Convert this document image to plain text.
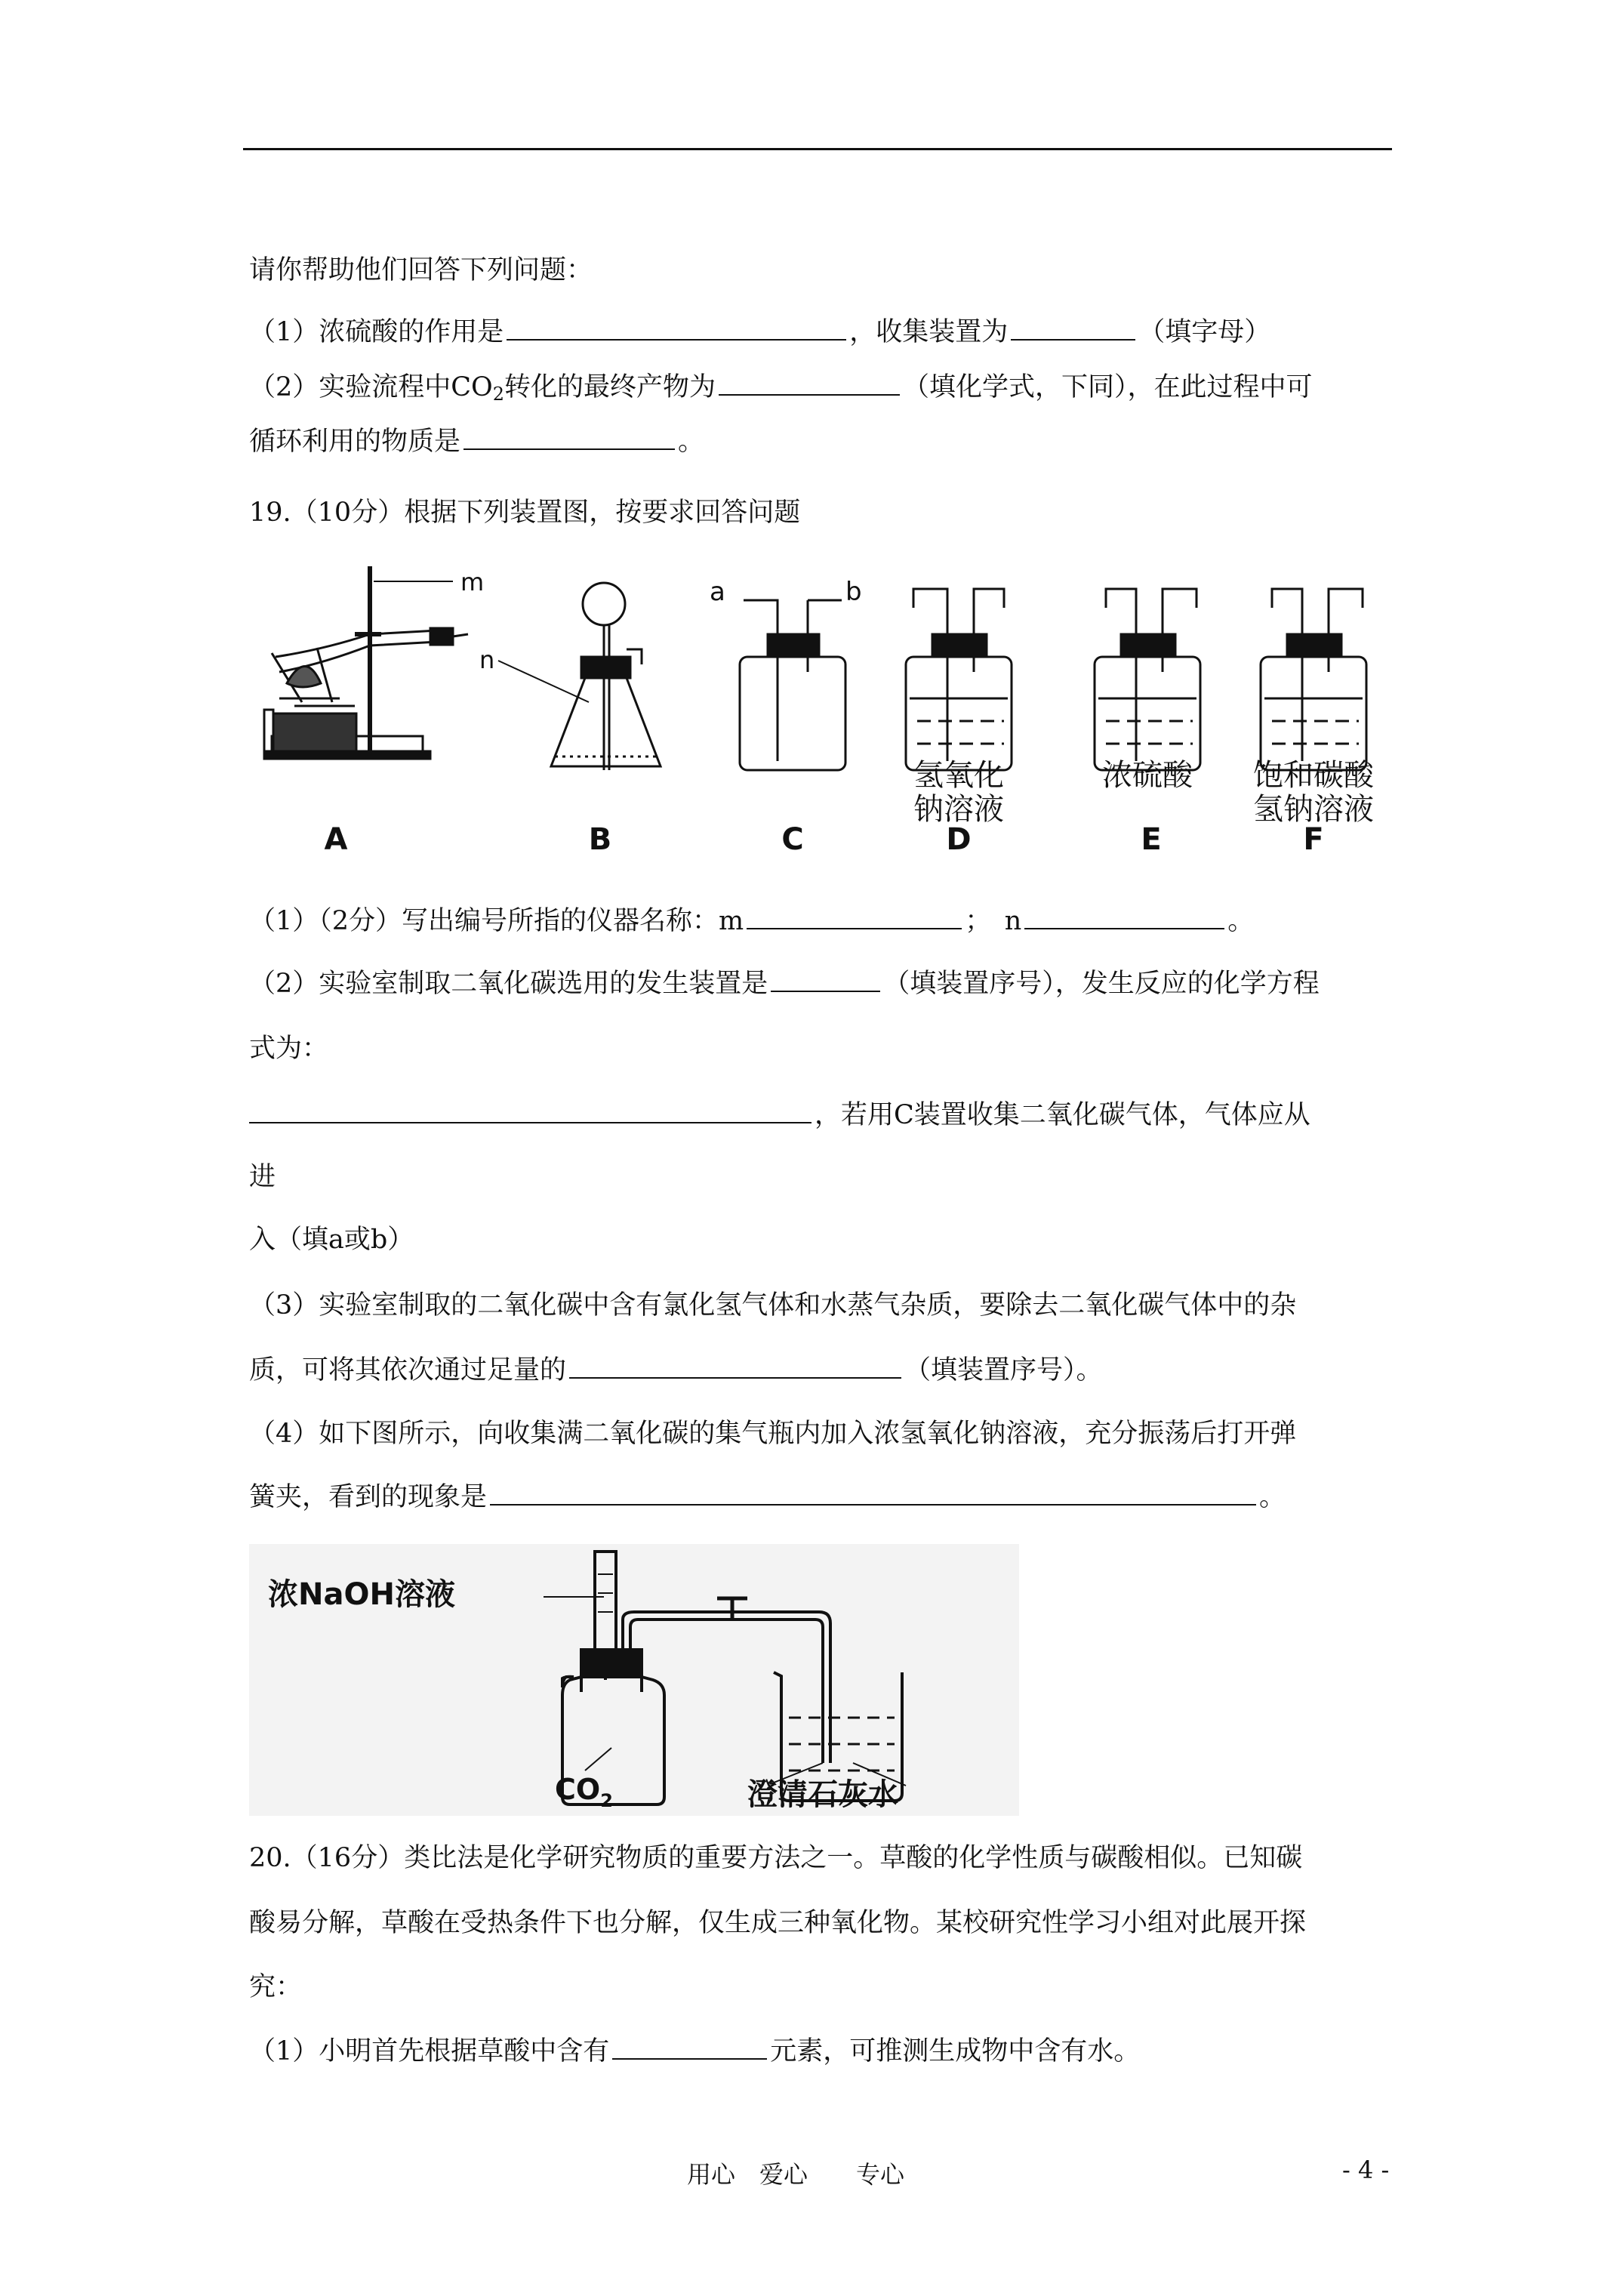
请你帮助他们回答下列问题：
（1）浓硫酸的作用是	，收集装置为	（填字母）
（2）实验流程中$CO_2$转化的最终产物为	（填化学式，下同），在此过程中可
循环利用的物质是	。
19.（10分）根据下列装置图，按要求回答问题
m
n
a	b
氢氧化
钠溶液
浓硫酸 饱和碳酸
氢钠溶液
A	B	C	D	E	F
（1）（2分）写出编号所指的仪器名称：m	；　n	。
（2）实验室制取二氧化碳选用的发生装置是	（填装置序号），发生反应的化学方程
式为：
，若用C装置收集二氧化碳气体，气体应从
进
入（填a或b）
（3）实验室制取的二氧化碳中含有氯化氢气体和水蒸气杂质，要除去二氧化碳气体中的杂
质，可将其依次通过足量的	（填装置序号）。
（4）如下图所示，向收集满二氧化碳的集气瓶内加入浓氢氧化钠溶液，充分振荡后打开弹
簧夹，看到的现象是	。
浓NaOH溶液
$CO_2$	澄清石灰水
20.（16分）类比法是化学研究物质的重要方法之一。草酸的化学性质与碳酸相似。已知碳
酸易分解，草酸在受热条件下也分解，仅生成三种氧化物。某校研究性学习小组对此展开探
究：
（1）小明首先根据草酸中含有	元素，可推测生成物中含有水。
用心　爱心　　专心	- 4 -
